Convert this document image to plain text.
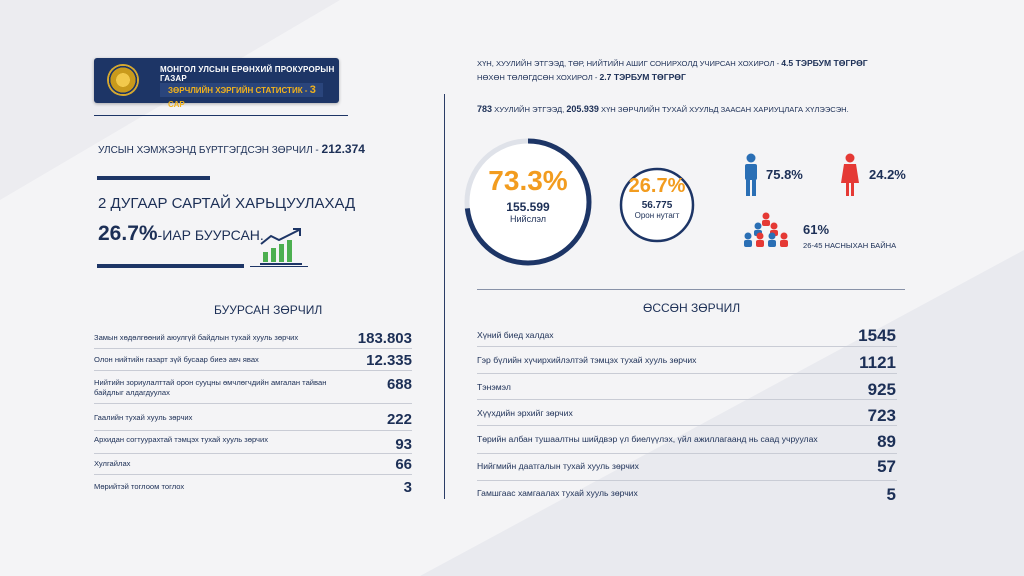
МОНГОЛ УЛСЫН ЕРӨНХИЙ ПРОКУРОРЫН ГАЗАР
ЗӨРЧЛИЙН ХЭРГИЙН СТАТИСТИК - 3 САР
УЛСЫН ХЭМЖЭЭНД БҮРТГЭГДСЭН ЗӨРЧИЛ - 212.374
2 ДУГААР САРТАЙ ХАРЬЦУУЛАХАД
26.7%-ИАР БУУРСАН.
БУУРСАН ЗӨРЧИЛ
Замын хөдөлгөөний аюулгүй байдлын тухай хууль зөрчих	183.803
Олон нийтийн газарт зүй бусаар биеэ авч явах	12.335
Нийтийн зориулалттай орон сууцны өмчлөгчдийн амгалан тайван байдлыг алдагдуулах	688
Гаалийн тухай хууль зөрчих	222
Архидан согтуурахтай тэмцэх тухай хууль зөрчих	93
Хулгайлах	66
Мөрийтэй тоглоом тоглох	3
ХҮН, ХУУЛИЙН ЭТГЭЭД, ТӨР, НИЙТИЙН АШИГ СОНИРХОЛД УЧИРСАН ХОХИРОЛ - 4.5 ТЭРБУМ ТӨГРӨГ
НӨХӨН ТӨЛӨГДСӨН ХОХИРОЛ - 2.7 ТЭРБУМ ТӨГРӨГ
783 ХУУЛИЙН ЭТГЭЭД, 205.939 ХҮН ЗӨРЧЛИЙН ТУХАЙ ХУУЛЬД ЗААСАН ХАРИУЦЛАГА ХҮЛЭЭСЭН.
73.3%
155.599
Нийслэл
26.7%
56.775
Орон нутагт
75.8%	24.2%
61%
26-45 НАСНЫХАН БАЙНА
ӨССӨН ЗӨРЧИЛ
Хүний биед халдах	1545
Гэр бүлийн хүчирхийлэлтэй тэмцэх тухай хууль зөрчих	1121
Тэнэмэл	925
Хүүхдийн эрхийг зөрчих	723
Төрийн албан тушаалтны шийдвэр үл биелүүлэх, үйл ажиллагаанд нь саад учруулах	89
Нийгмийн даатгалын тухай хууль зөрчих	57
Гамшгаас хамгаалах тухай хууль зөрчих	5
